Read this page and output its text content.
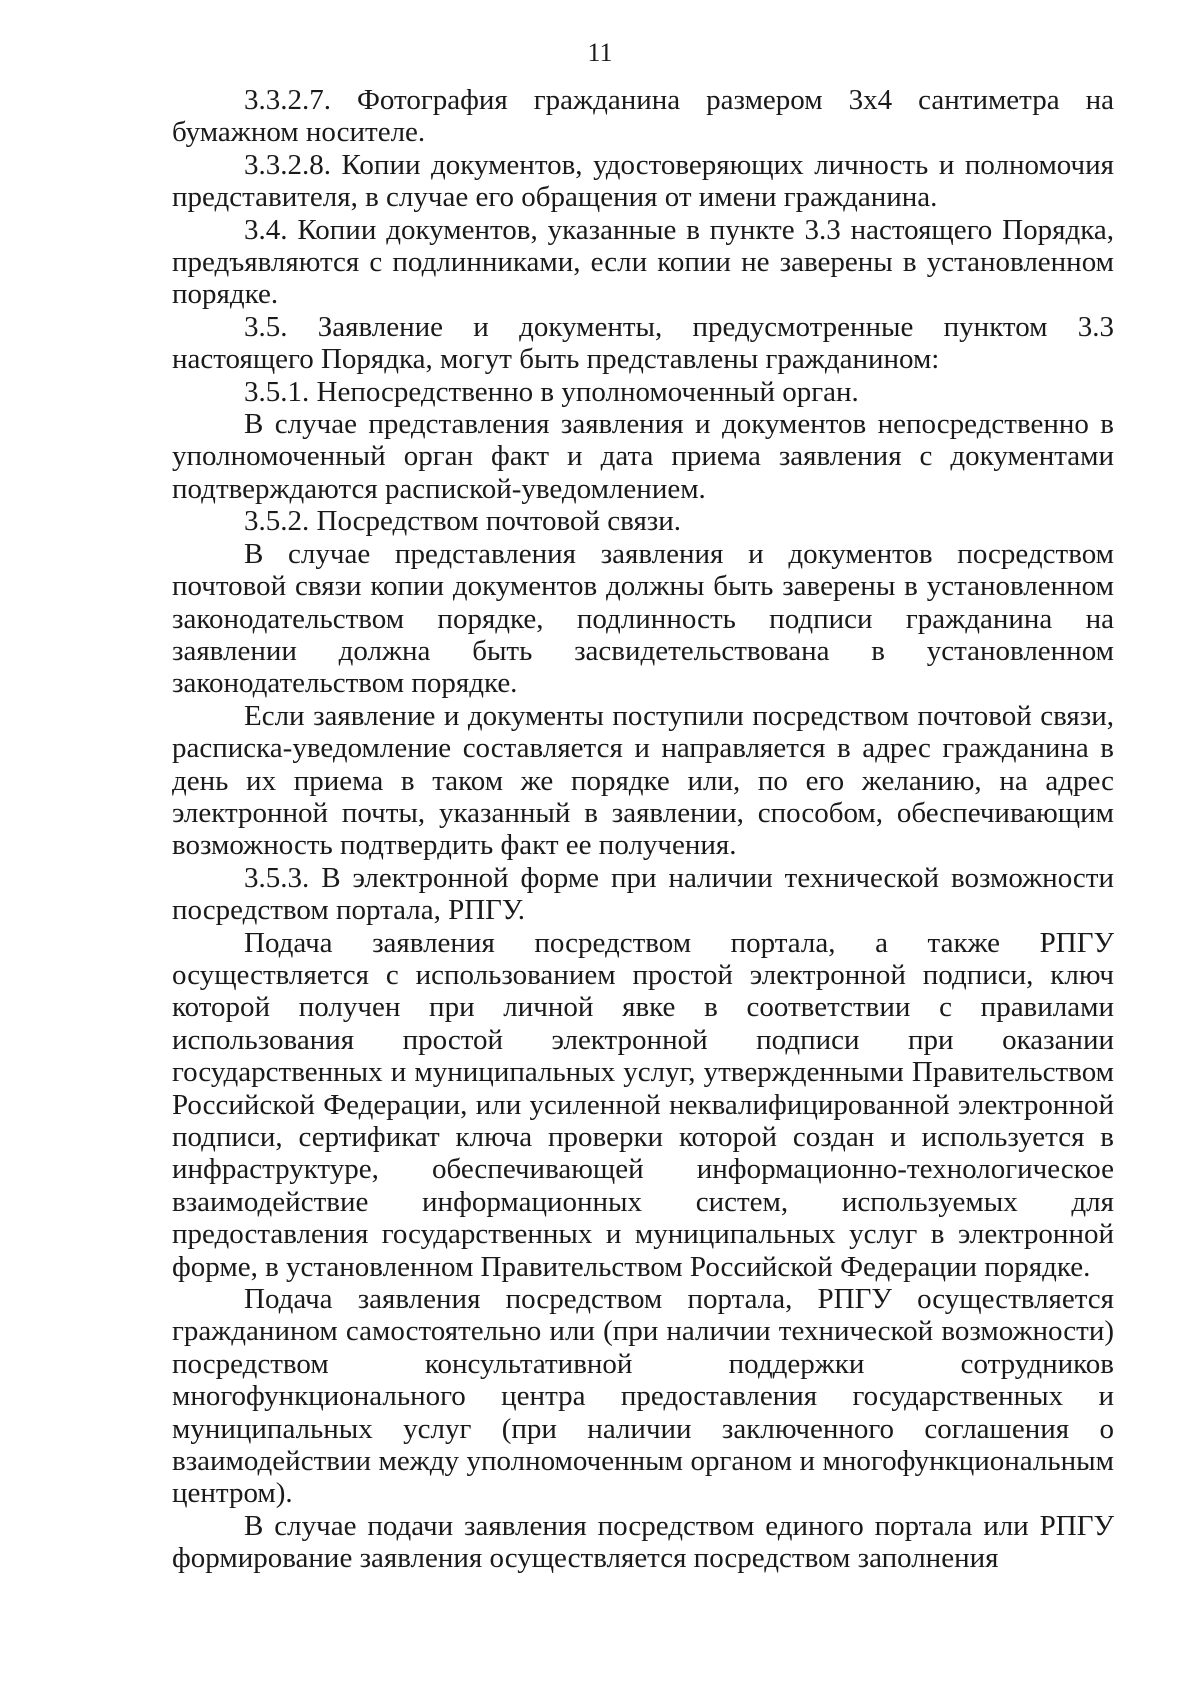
11

3.3.2.7. Фотография гражданина размером 3х4 сантиметра на бумажном носителе.

3.3.2.8. Копии документов, удостоверяющих личность и полномочия представителя, в случае его обращения от имени гражданина.

3.4. Копии документов, указанные в пункте 3.3 настоящего Порядка, предъявляются с подлинниками, если копии не заверены в установленном порядке.

3.5. Заявление и документы, предусмотренные пунктом 3.3 настоящего Порядка, могут быть представлены гражданином:

3.5.1. Непосредственно в уполномоченный орган.

В случае представления заявления и документов непосредственно в уполномоченный орган факт и дата приема заявления с документами подтверждаются распиской-уведомлением.

3.5.2. Посредством почтовой связи.

В случае представления заявления и документов посредством почтовой связи копии документов должны быть заверены в установленном законодательством порядке, подлинность подписи гражданина на заявлении должна быть засвидетельствована в установленном законодательством порядке.

Если заявление и документы поступили посредством почтовой связи, расписка-уведомление составляется и направляется в адрес гражданина в день их приема в таком же порядке или, по его желанию, на адрес электронной почты, указанный в заявлении, способом, обеспечивающим возможность подтвердить факт ее получения.

3.5.3. В электронной форме при наличии технической возможности посредством портала, РПГУ.

Подача заявления посредством портала, а также РПГУ осуществляется с использованием простой электронной подписи, ключ которой получен при личной явке в соответствии с правилами использования простой электронной подписи при оказании государственных и муниципальных услуг, утвержденными Правительством Российской Федерации, или усиленной неквалифицированной электронной подписи, сертификат ключа проверки которой создан и используется в инфраструктуре, обеспечивающей информационно-технологическое взаимодействие информационных систем, используемых для предоставления государственных и муниципальных услуг в электронной форме, в установленном Правительством Российской Федерации порядке.

Подача заявления посредством портала, РПГУ осуществляется гражданином самостоятельно или (при наличии технической возможности) посредством консультативной поддержки сотрудников многофункционального центра предоставления государственных и муниципальных услуг (при наличии заключенного соглашения о взаимодействии между уполномоченным органом и многофункциональным центром).

В случае подачи заявления посредством единого портала или РПГУ формирование заявления осуществляется посредством заполнения
